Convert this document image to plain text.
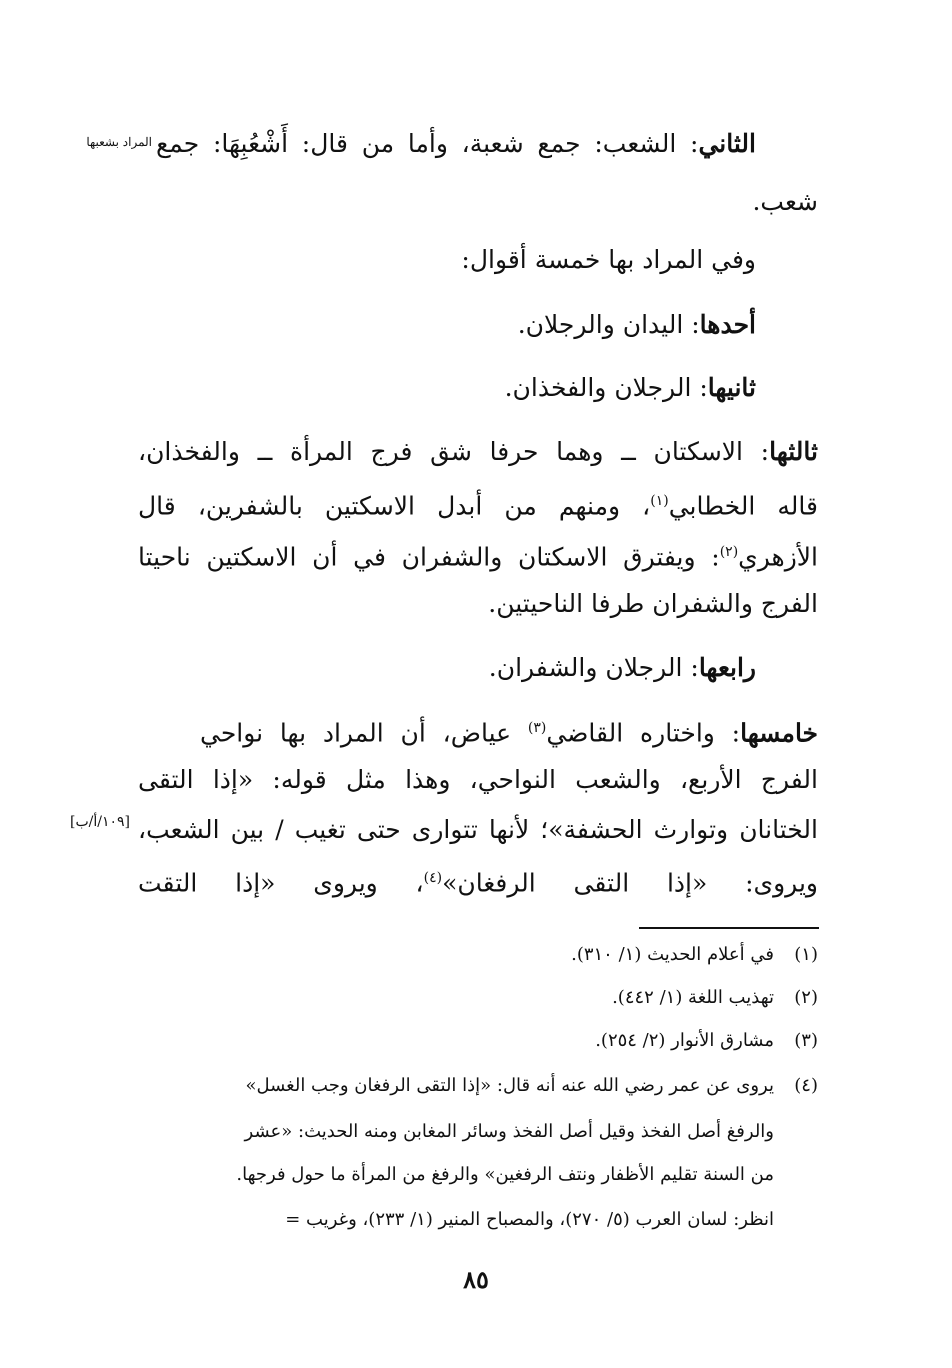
الثاني: الشعب: جمع شعبة، وأما من قال: أَشْعُبِهَا: جمع
المراد بشعبها
شعب.
وفي المراد بها خمسة أقوال:
أحدها: اليدان والرجلان.
ثانيها: الرجلان والفخذان.
ثالثها: الاسكتان ــ وهما حرفا شق فرج المرأة ــ والفخذان،
قاله الخطابي$^{(١)}$، ومنهم من أبدل الاسكتين بالشفرين، قال
الأزهري$^{(٢)}$: ويفترق الاسكتان والشفران في أن الاسكتين ناحيتا
الفرج والشفران طرفا الناحيتين.
رابعها: الرجلان والشفران.
خامسها: واختاره القاضي$^{(٣)}$ عياض، أن المراد بها نواحي
الفرج الأربع، والشعب النواحي، وهذا مثل قوله: «إذا التقى
الختانان وتوارث الحشفة»؛ لأنها تتوارى حتى تغيب / بين الشعب،
[١٠٩/أ/ب]
ويروى: «إذا التقى الرفغان»$^{(٤)}$، ويروى «إذا التقت
(١)
في أعلام الحديث (١/ ٣١٠).
(٢)
تهذيب اللغة (١/ ٤٤٢).
(٣)
مشارق الأنوار (٢/ ٢٥٤).
(٤)
يروى عن عمر رضي الله عنه أنه قال: «إذا التقى الرفغان وجب الغسل»
والرفغ أصل الفخذ وقيل أصل الفخذ وسائر المغابن ومنه الحديث: «عشر
من السنة تقليم الأظفار ونتف الرفغين» والرفغ من المرأة ما حول فرجها.
انظر: لسان العرب (٥/ ٢٧٠)، والمصباح المنير (١/ ٢٣٣)، وغريب =
٨٥
